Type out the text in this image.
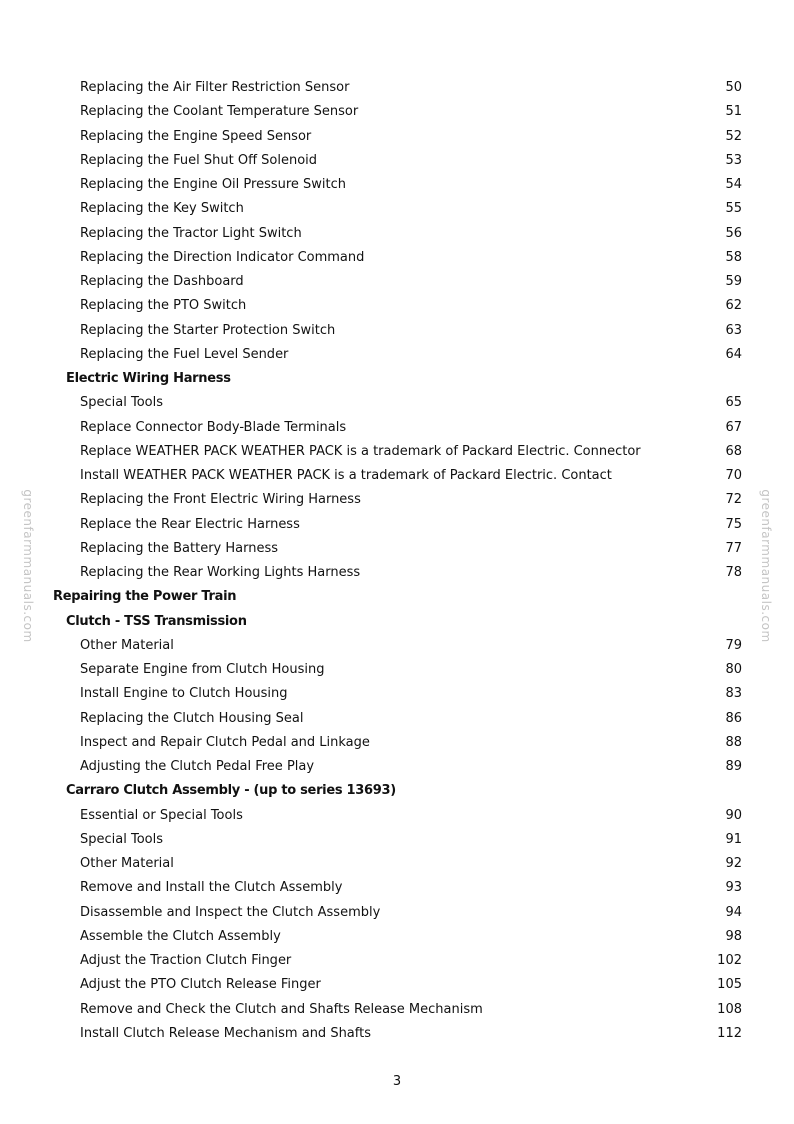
greenfarmmanuals.com	greenfarmmanuals.com
Replacing the Air Filter Restriction Sensor	50
Replacing the Coolant Temperature Sensor	51
Replacing the Engine Speed Sensor	52
Replacing the Fuel Shut Off Solenoid	53
Replacing the Engine Oil Pressure Switch	54
Replacing the Key Switch	55
Replacing the Tractor Light Switch	56
Replacing the Direction Indicator Command	58
Replacing the Dashboard	59
Replacing the PTO Switch	62
Replacing the Starter Protection Switch	63
Replacing the Fuel Level Sender	64
Electric Wiring Harness
Special Tools	65
Replace Connector Body-Blade Terminals	67
Replace WEATHER PACK WEATHER PACK is a trademark of Packard Electric. Connector	68
Install WEATHER PACK WEATHER PACK is a trademark of Packard Electric. Contact	70
Replacing the Front Electric Wiring Harness	72
Replace the Rear Electric Harness	75
Replacing the Battery Harness	77
Replacing the Rear Working Lights Harness	78
Repairing the Power Train
Clutch - TSS Transmission
Other Material	79
Separate Engine from Clutch Housing	80
Install Engine to Clutch Housing	83
Replacing the Clutch Housing Seal	86
Inspect and Repair Clutch Pedal and Linkage	88
Adjusting the Clutch Pedal Free Play	89
Carraro Clutch Assembly - (up to series 13693)
Essential or Special Tools	90
Special Tools	91
Other Material	92
Remove and Install the Clutch Assembly	93
Disassemble and Inspect the Clutch Assembly	94
Assemble the Clutch Assembly	98
Adjust the Traction Clutch Finger	102
Adjust the PTO Clutch Release Finger	105
Remove and Check the Clutch and Shafts Release Mechanism	108
Install Clutch Release Mechanism and Shafts	112
3
